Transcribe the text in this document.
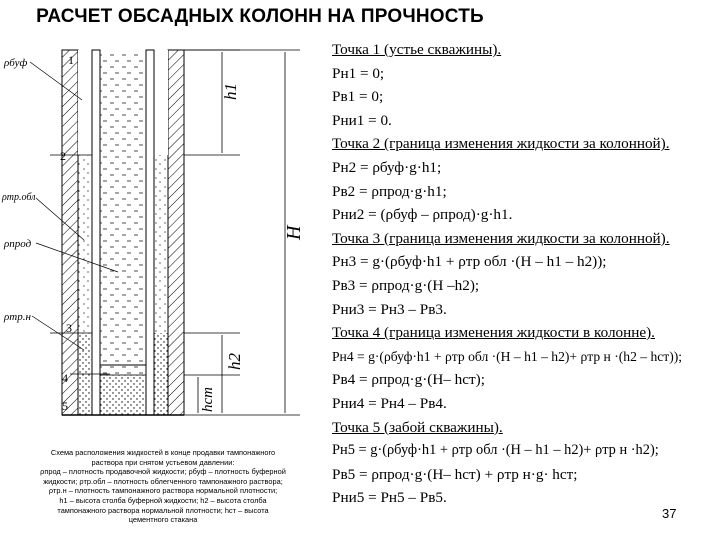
РАСЧЕТ ОБСАДНЫХ КОЛОНН НА ПРОЧНОСТЬ
ρбуф
ρтр.обл
ρпрод
ρтр.н
1
2
3
4
5
h1
H
h2
hст
Схема расположения жидкостей в конце продавки тампонажного
раствора при снятом устьевом давлении:
ρпрод – плотность продавочной жидкости; ρбуф – плотность буферной
жидкости; ρтр.обл – плотность облегченного тампонажного раствора;
ρтр.н – плотность тампонажного раствора нормальной плотности;
h1 – высота столба буферной жидкости; h2 – высота столба
тампонажного раствора нормальной плотности; hст – высота
цементного стакана
Точка 1 (устье скважины).
Рн1 = 0;
Рв1 = 0;
Рни1 = 0.
Точка 2 (граница изменения жидкости за колонной).
Рн2 = ρбуф·g·h1;
Рв2 = ρпрод·g·h1;
Рни2 = (ρбуф – ρпрод)·g·h1.
Точка 3 (граница изменения жидкости за колонной).
Рн3 = g·(ρбуф·h1 + ρтр обл ·(H – h1 – h2));
Рв3 = ρпрод·g·(H –h2);
Рни3 = Рн3 – Рв3.
Точка 4 (граница изменения жидкости в колонне).
Рн4 = g·(ρбуф·h1 + ρтр обл ·(H – h1 – h2)+ ρтр н ·(h2 – hст));
Рв4 = ρпрод·g·(H– hст);
Рни4 = Рн4 – Рв4.
Точка 5 (забой скважины).
Рн5 = g·(ρбуф·h1 + ρтр обл ·(H – h1 – h2)+ ρтр н ·h2);
Рв5 = ρпрод·g·(H– hст) + ρтр н·g· hст;
Рни5 = Рн5 – Рв5.
37
